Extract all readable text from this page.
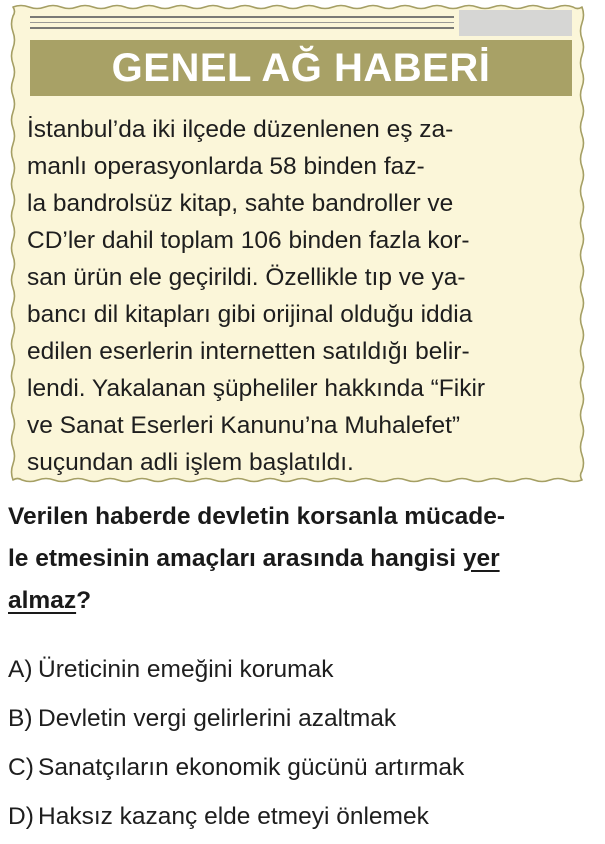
GENEL AĞ HABERİ
İstanbul’da iki ilçede düzenlenen eş za-
manlı operasyonlarda 58 binden faz-
la bandrolsüz kitap, sahte bandroller ve
CD’ler dahil toplam 106 binden fazla kor-
san ürün ele geçirildi. Özellikle tıp ve ya-
bancı dil kitapları gibi orijinal olduğu iddia
edilen eserlerin internetten satıldığı belir-
lendi. Yakalanan şüpheliler hakkında “Fikir
ve Sanat Eserleri Kanunu’na Muhalefet”
suçundan adli işlem başlatıldı.
Verilen haberde devletin korsanla mücade-
le etmesinin amaçları arasında hangisi yer
almaz?
A) Üreticinin emeğini korumak
B) Devletin vergi gelirlerini azaltmak
C) Sanatçıların ekonomik gücünü artırmak
D) Haksız kazanç elde etmeyi önlemek
